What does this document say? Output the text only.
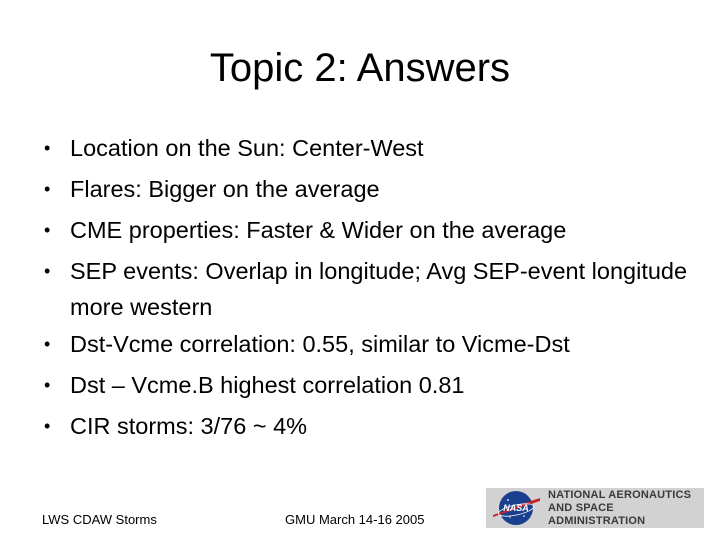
Topic 2: Answers
• Location on the Sun: Center-West
• Flares: Bigger on the average
• CME properties: Faster & Wider on the average
• SEP events: Overlap in longitude; Avg SEP-event longitude more western
• Dst-Vcme correlation: 0.55, similar to Vicme-Dst
• Dst – Vcme.B highest correlation 0.81
• CIR storms: 3/76 ~ 4%
LWS CDAW Storms	GMU March 14-16 2005
NASA
NATIONAL AERONAUTICS
AND SPACE ADMINISTRATION
